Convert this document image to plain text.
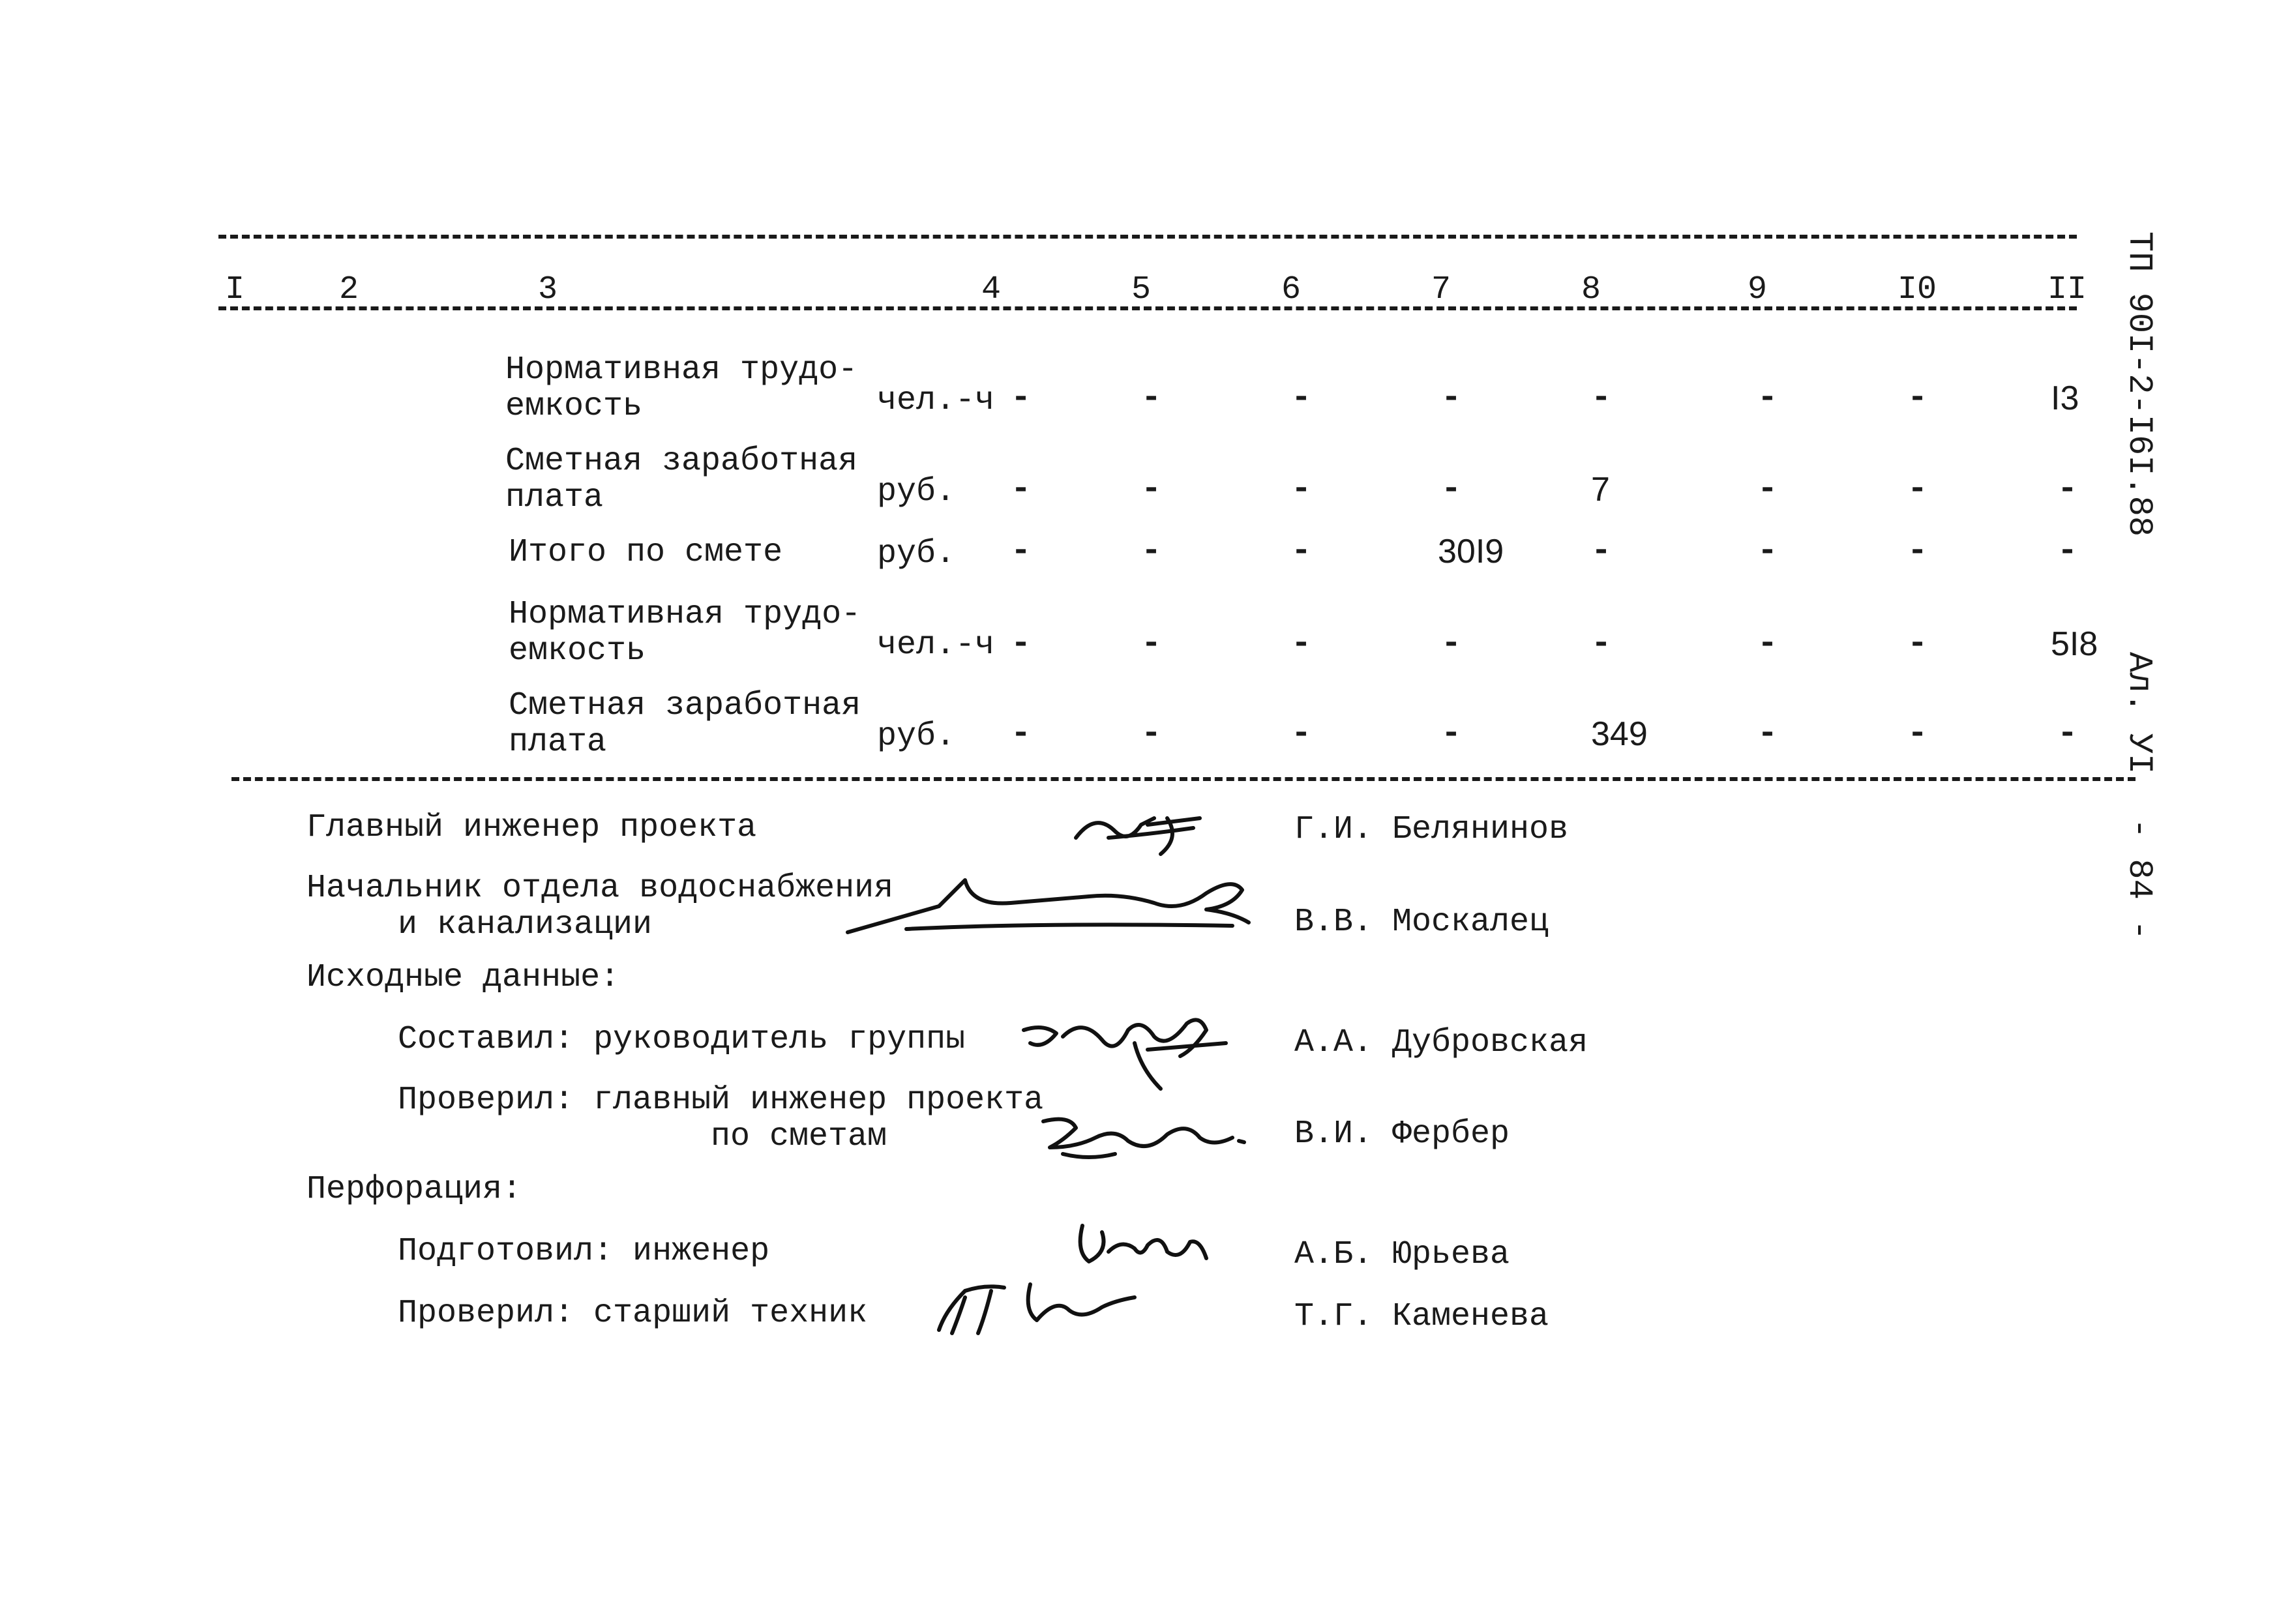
I	2	3	4	5	6	7	8	9	I0	II
Нормативная трудо-
емкость	чел.-ч -	-	-	-	-	-	-	I3
Сметная заработная
плата	руб. -	-	-	-	7	-	-	-
Итого по смете	руб. -	-	-	30I9	-	-	-	-
Нормативная трудо-
емкость	чел.-ч -	-	-	-	-	-	-	5I8
Сметная заработная
плата	руб. -	-	-	-	349	-	-	-
Главный инженер проекта	Г.И. Белянинов
Начальник отдела водоснабжения
и канализации	В.В. Москалец
Исходные данные:
Составил: руководитель группы	А.А. Дубровская
Проверил: главный инженер проекта
по сметам	В.И. Фербер
Перфорация:
Подготовил: инженер	А.Б. Юрьева
Проверил: старший техник	Т.Г. Каменева
ТП 90I-2-I6I.88
Ал. УI
- 84 -
